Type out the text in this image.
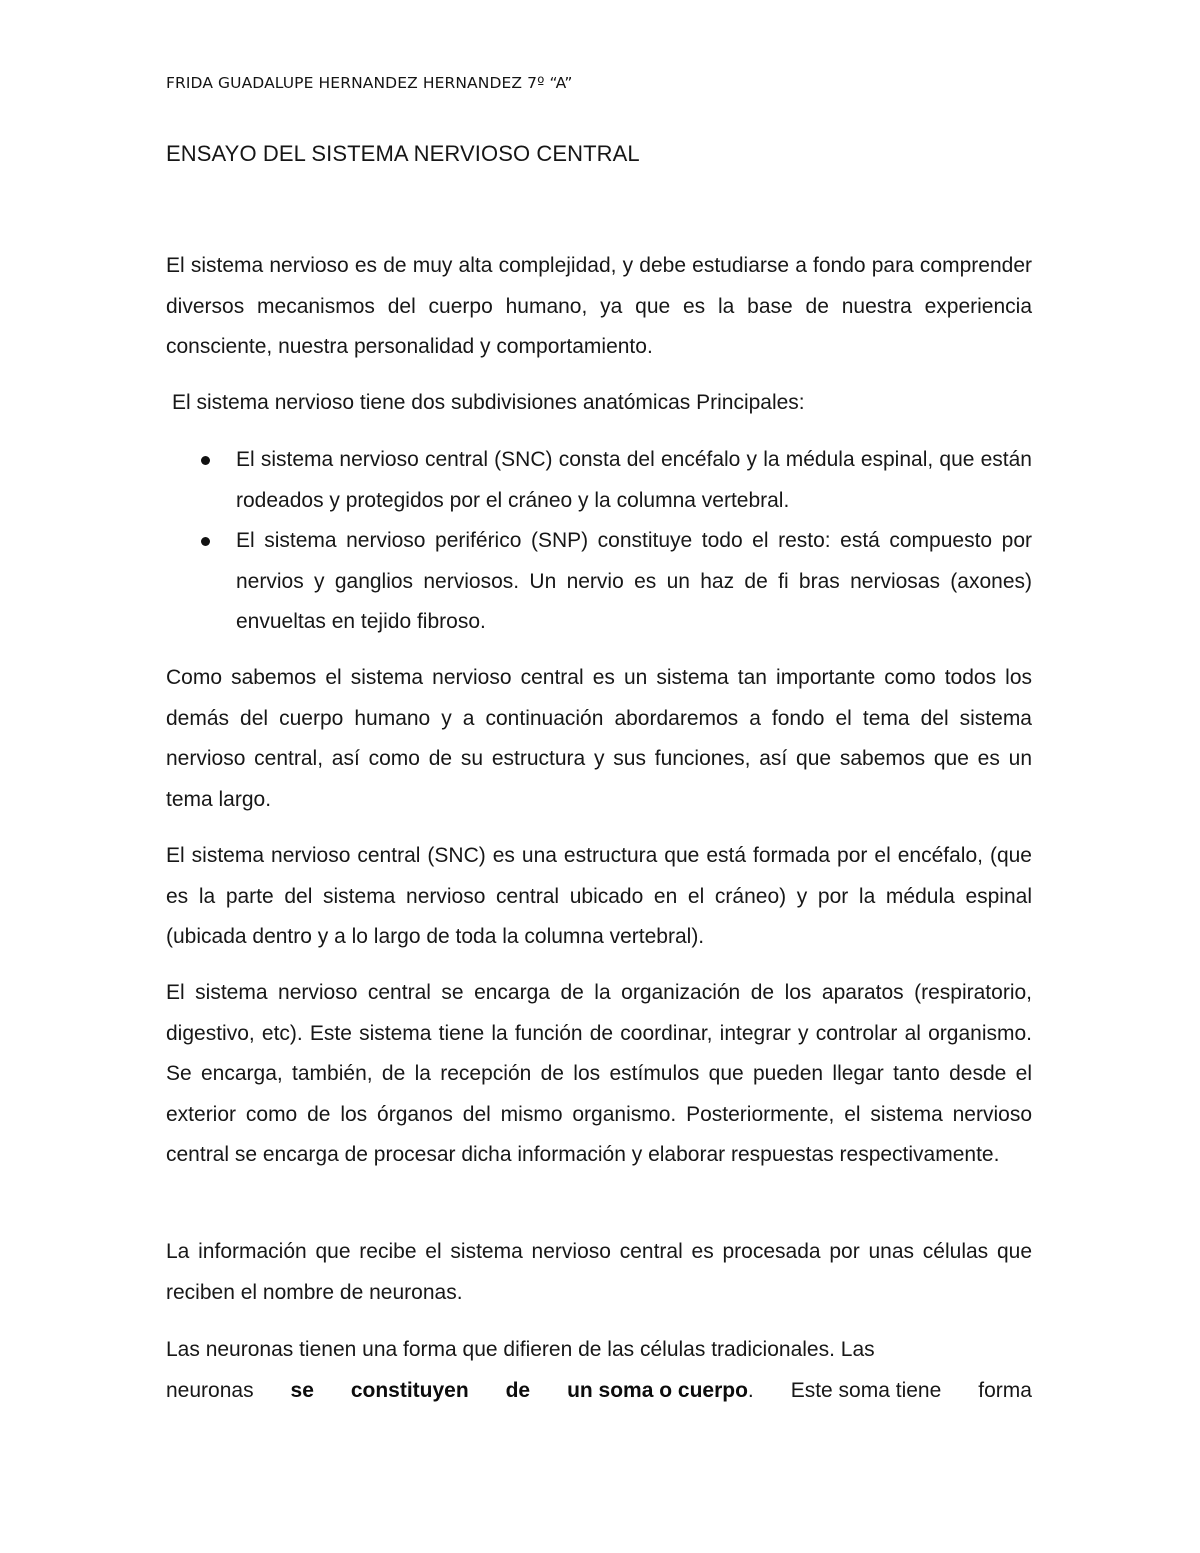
FRIDA GUADALUPE HERNANDEZ HERNANDEZ 7º “A”
ENSAYO DEL SISTEMA NERVIOSO CENTRAL

El sistema nervioso es de muy alta complejidad, y debe estudiarse a fondo para comprender diversos mecanismos del cuerpo humano, ya que es la base de nuestra experiencia consciente, nuestra personalidad y comportamiento.

El sistema nervioso tiene dos subdivisiones anatómicas Principales:

El sistema nervioso central (SNC) consta del encéfalo y la médula espinal, que están rodeados y protegidos por el cráneo y la columna vertebral.
El sistema nervioso periférico (SNP) constituye todo el resto: está compuesto por nervios y ganglios nerviosos. Un nervio es un haz de fi bras nerviosas (axones) envueltas en tejido fibroso.

Como sabemos el sistema nervioso central es un sistema tan importante como todos los demás del cuerpo humano y a continuación abordaremos a fondo el tema del sistema nervioso central, así como de su estructura y sus funciones, así que sabemos que es un tema largo.

El sistema nervioso central (SNC) es una estructura que está formada por el encéfalo, (que es la parte del sistema nervioso central ubicado en el cráneo) y por la médula espinal (ubicada dentro y a lo largo de toda la columna vertebral).

El sistema nervioso central se encarga de la organización de los aparatos (respiratorio, digestivo, etc). Este sistema tiene la función de coordinar, integrar y controlar al organismo. Se encarga, también, de la recepción de los estímulos que pueden llegar tanto desde el exterior como de los órganos del mismo organismo. Posteriormente, el sistema nervioso central se encarga de procesar dicha información y elaborar respuestas respectivamente.

La información que recibe el sistema nervioso central es procesada por unas células que reciben el nombre de neuronas.

Las neuronas tienen una forma que difieren de las células tradicionales. Las
neuronas se constituyen de un soma o cuerpo. Este soma tiene forma
